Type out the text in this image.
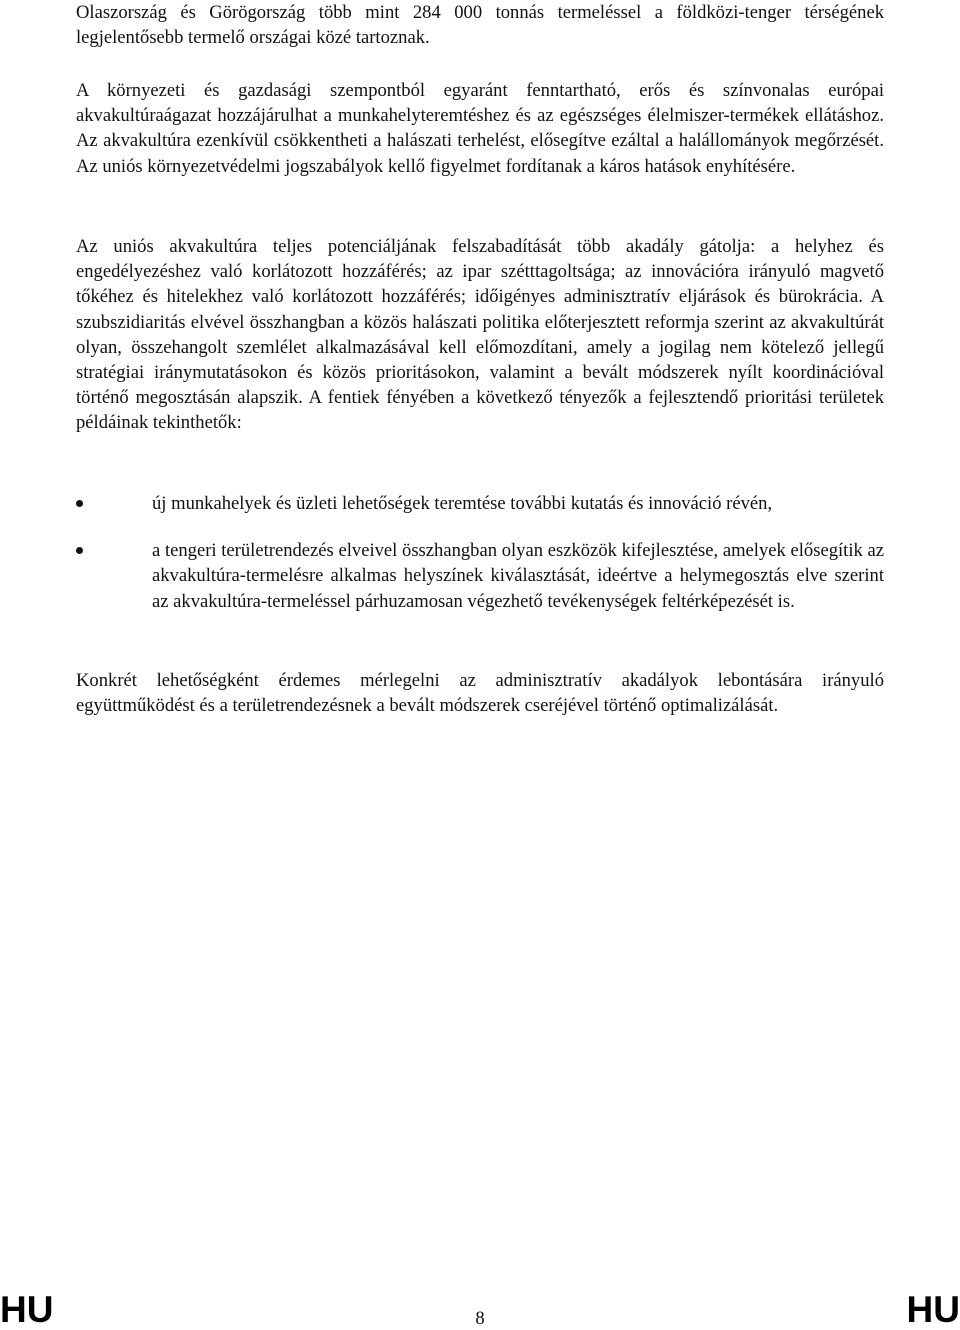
Olaszország és Görögország több mint 284 000 tonnás termeléssel a földközi-tenger térségének legjelentősebb termelő országai közé tartoznak.

A környezeti és gazdasági szempontból egyaránt fenntartható, erős és színvonalas európai akvakultúraágazat hozzájárulhat a munkahelyteremtéshez és az egészséges élelmiszer-termékek ellátáshoz. Az akvakultúra ezenkívül csökkentheti a halászati terhelést, elősegítve ezáltal a halállományok megőrzését. Az uniós környezetvédelmi jogszabályok kellő figyelmet fordítanak a káros hatások enyhítésére.

Az uniós akvakultúra teljes potenciáljának felszabadítását több akadály gátolja: a helyhez és engedélyezéshez való korlátozott hozzáférés; az ipar szétttagoltsága; az innovációra irányuló magvető tőkéhez és hitelekhez való korlátozott hozzáférés; időigényes adminisztratív eljárások és bürokrácia. A szubszidiaritás elvével összhangban a közös halászati politika előterjesztett reformja szerint az akvakultúrát olyan, összehangolt szemlélet alkalmazásával kell előmozdítani, amely a jogilag nem kötelező jellegű stratégiai iránymutatásokon és közös prioritásokon, valamint a bevált módszerek nyílt koordinációval történő megosztásán alapszik. A fentiek fényében a következő tényezők a fejlesztendő prioritási területek példáinak tekinthetők:

új munkahelyek és üzleti lehetőségek teremtése további kutatás és innováció révén,
a tengeri területrendezés elveivel összhangban olyan eszközök kifejlesztése, amelyek elősegítik az akvakultúra-termelésre alkalmas helyszínek kiválasztását, ideértve a helymegosztás elve szerint az akvakultúra-termeléssel párhuzamosan végezhető tevékenységek feltérképezését is.

Konkrét lehetőségként érdemes mérlegelni az adminisztratív akadályok lebontására irányuló együttműködést és a területrendezésnek a bevált módszerek cseréjével történő optimalizálását.

HU	8	HU
